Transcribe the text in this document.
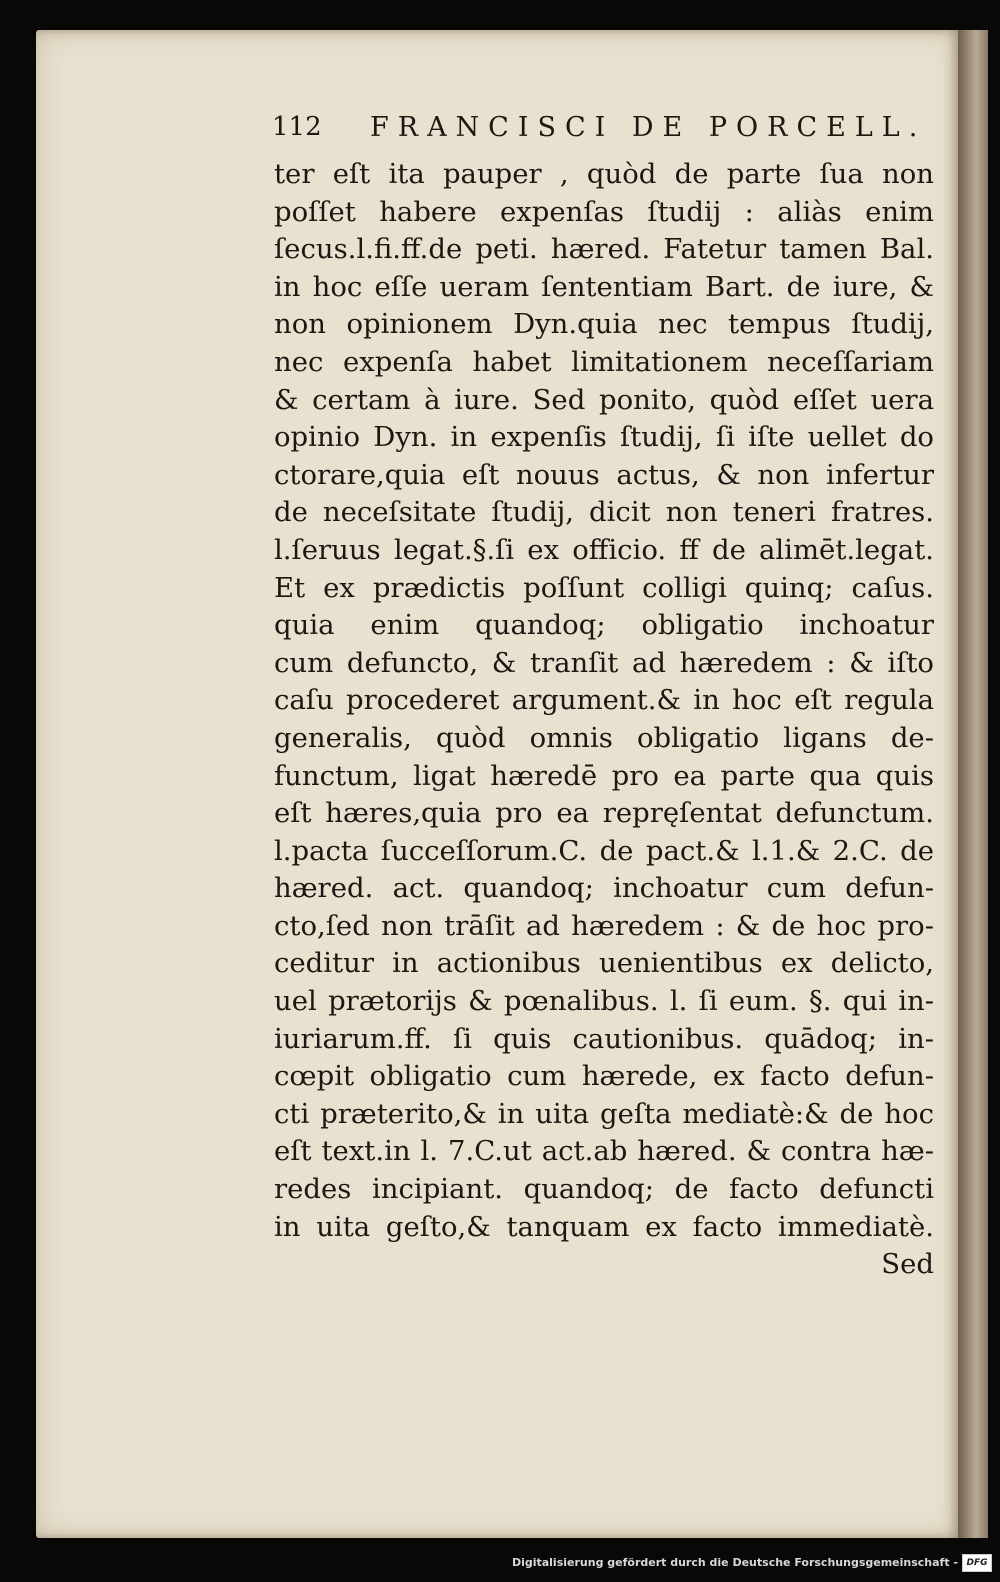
112 FRANCISCI DE PORCELL.
ter eſt ita pauper , quòd de parte ſua non
poſſet habere expenſas ſtudij : aliàs enim
ſecus.l.fi.ff.de peti. hæred. Fatetur tamen Bal.
in hoc eſſe ueram ſententiam Bart. de iure, &
non opinionem Dyn.quia nec tempus ſtudij,
nec expenſa habet limitationem neceſſariam
& certam à iure. Sed ponito, quòd eſſet uera
opinio Dyn. in expenſis ſtudij, ſi iſte uellet do
ctorare,quia eſt nouus actus, & non infertur
de neceſsitate ſtudij, dicit non teneri fratres.
l.ſeruus legat.§.ſi ex officio. ff de alimēt.legat.
Et ex prædictis poſſunt colligi quinq; caſus.
quia enim quandoq; obligatio inchoatur
cum defuncto, & tranſit ad hæredem : & iſto
caſu procederet argument.& in hoc eſt regula
generalis, quòd omnis obligatio ligans de-
functum, ligat hæredē pro ea parte qua quis
eſt hæres,quia pro ea repręſentat defunctum.
l.pacta ſucceſſorum.C. de pact.& l.1.& 2.C. de
hæred. act. quandoq; inchoatur cum defun-
cto,ſed non trāſit ad hæredem : & de hoc pro-
ceditur in actionibus uenientibus ex delicto,
uel prætorijs & pœnalibus. l. ſi eum. §. qui in-
iuriarum.ff. ſi quis cautionibus. quādoq; in-
cœpit obligatio cum hærede, ex facto defun-
cti præterito,& in uita geſta mediatè:& de hoc
eſt text.in l. 7.C.ut act.ab hæred. & contra hæ-
redes incipiant. quandoq; de facto defuncti
in uita geſto,& tanquam ex facto immediatè.
Sed
Digitalisierung gefördert durch die Deutsche Forschungsgemeinschaft - DFG
